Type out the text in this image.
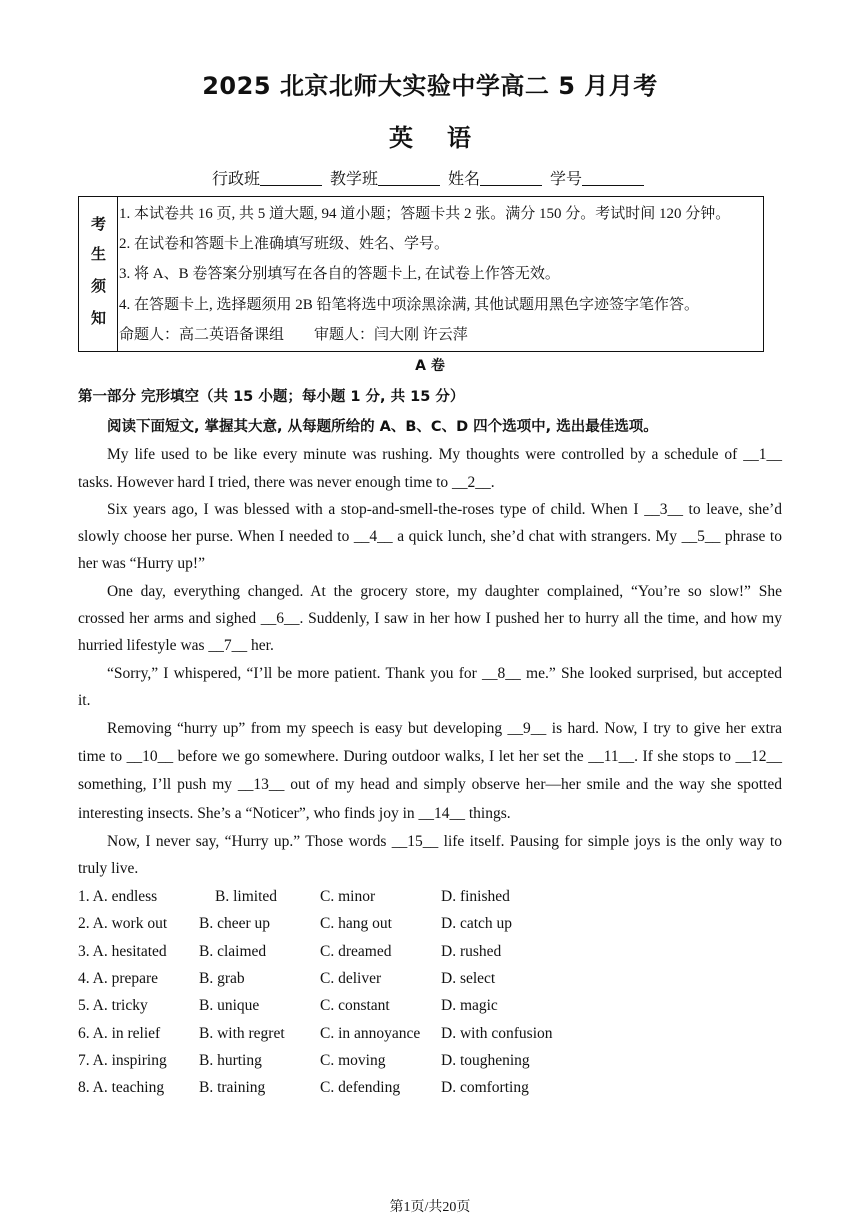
2025 北京北师大实验中学高二 5 月月考
英语
行政班	教学班	姓名	学号
考
生
须
知
1. 本试卷共 16 页, 共 5 道大题, 94 道小题；答题卡共 2 张。满分 150 分。考试时间 120 分钟。
2. 在试卷和答题卡上准确填写班级、姓名、学号。
3. 将 A、B 卷答案分别填写在各自的答题卡上, 在试卷上作答无效。
4. 在答题卡上, 选择题须用 2B 铅笔将选中项涂黑涂满, 其他试题用黑色字迹签字笔作答。
命题人：高二英语备课组　　审题人：闫大刚 许云萍
A 卷
第一部分 完形填空（共 15 小题；每小题 1 分, 共 15 分）
阅读下面短文, 掌握其大意, 从每题所给的 A、B、C、D 四个选项中, 选出最佳选项。
My life used to be like every minute was rushing. My thoughts were controlled by a schedule of __1__
tasks. However hard I tried, there was never enough time to __2__.
Six years ago, I was blessed with a stop-and-smell-the-roses type of child. When I __3__ to leave, she’d
slowly choose her purse. When I needed to __4__ a quick lunch, she’d chat with strangers. My __5__ phrase to
her was “Hurry up!”
One day, everything changed. At the grocery store, my daughter complained, “You’re so slow!” She
crossed her arms and sighed __6__. Suddenly, I saw in her how I pushed her to hurry all the time, and how my
hurried lifestyle was __7__ her.
“Sorry,” I whispered, “I’ll be more patient. Thank you for __8__ me.” She looked surprised, but accepted
it.
Removing “hurry up” from my speech is easy but developing __9__ is hard. Now, I try to give her extra
time to __10__ before we go somewhere. During outdoor walks, I let her set the __11__. If she stops to __12__
something, I’ll push my __13__ out of my head and simply observe her—her smile and the way she spotted
interesting insects. She’s a “Noticer”, who finds joy in __14__ things.
Now, I never say, “Hurry up.” Those words __15__ life itself. Pausing for simple joys is the only way to
truly live.
1. A. endless	B. limited	C. minor	D. finished
2. A. work out B. cheer up	C. hang out	D. catch up
3. A. hesitated B. claimed	C. dreamed	D. rushed
4. A. prepare	B. grab	C. deliver	D. select
5. A. tricky	B. unique	C. constant	D. magic
6. A. in relief	B. with regret C. in annoyance D. with confusion
7. A. inspiring B. hurting	C. moving	D. toughening
8. A. teaching B. training	C. defending	D. comforting
第1页/共20页
